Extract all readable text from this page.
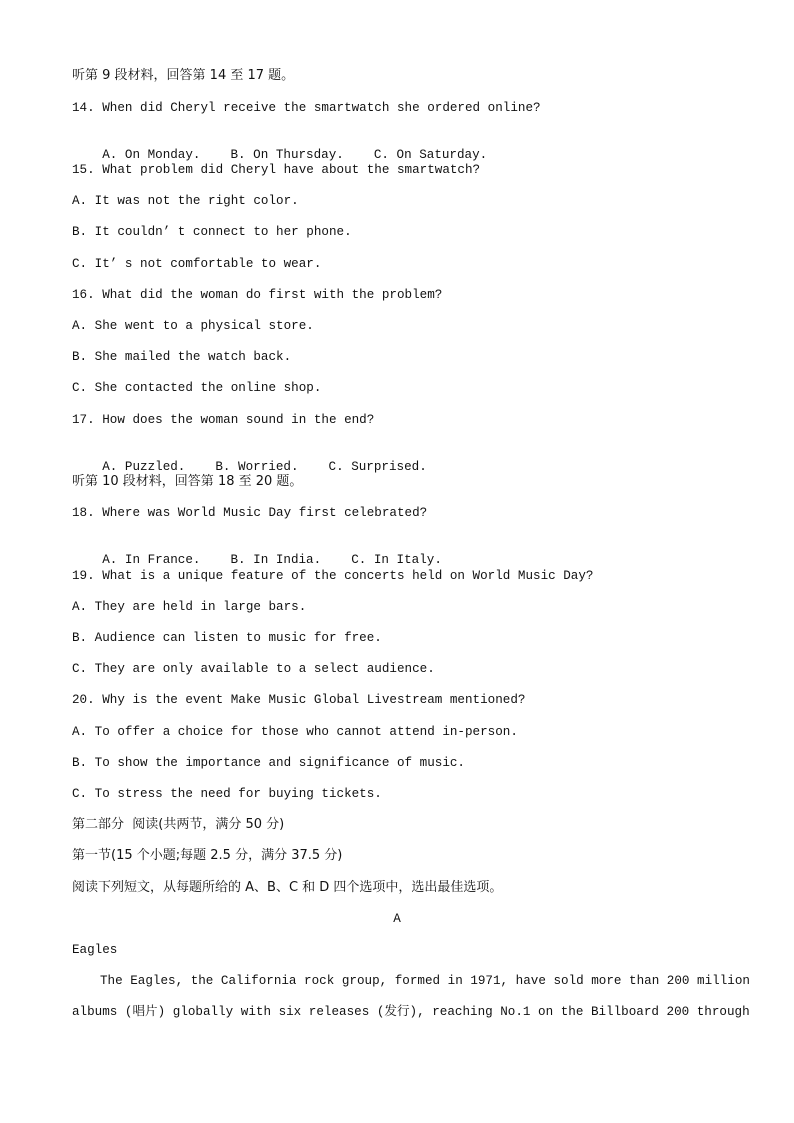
听第 9 段材料，回答第 14 至 17 题。
14. When did Cheryl receive the smartwatch she ordered online?

A. On Monday. B. On Thursday. C. On Saturday.

15. What problem did Cheryl have about the smartwatch?
A. It was not the right color.
B. It couldn’ t connect to her phone.
C. It’ s not comfortable to wear.
16. What did the woman do first with the problem?
A. She went to a physical store.
B. She mailed the watch back.
C. She contacted the online shop.
17. How does the woman sound in the end?

A. Puzzled. B. Worried. C. Surprised.

听第 10 段材料，回答第 18 至 20 题。
18. Where was World Music Day first celebrated?

A. In France. B. In India. C. In Italy.

19. What is a unique feature of the concerts held on World Music Day?
A. They are held in large bars.
B. Audience can listen to music for free.
C. They are only available to a select audience.
20. Why is the event Make Music Global Livestream mentioned?
A. To offer a choice for those who cannot attend in-person.
B. To show the importance and significance of music.
C. To stress the need for buying tickets.
第二部分  阅读(共两节，满分 50 分)
第一节(15 个小题;每题 2.5 分，满分 37.5 分)
阅读下列短文，从每题所给的 A、B、C 和 D 四个选项中，选出最佳选项。
A
Eagles
The Eagles, the California rock group, formed in 1971, have sold more than 200 million
albums (唱片) globally with six releases (发行), reaching No.1 on the Billboard 200 through
